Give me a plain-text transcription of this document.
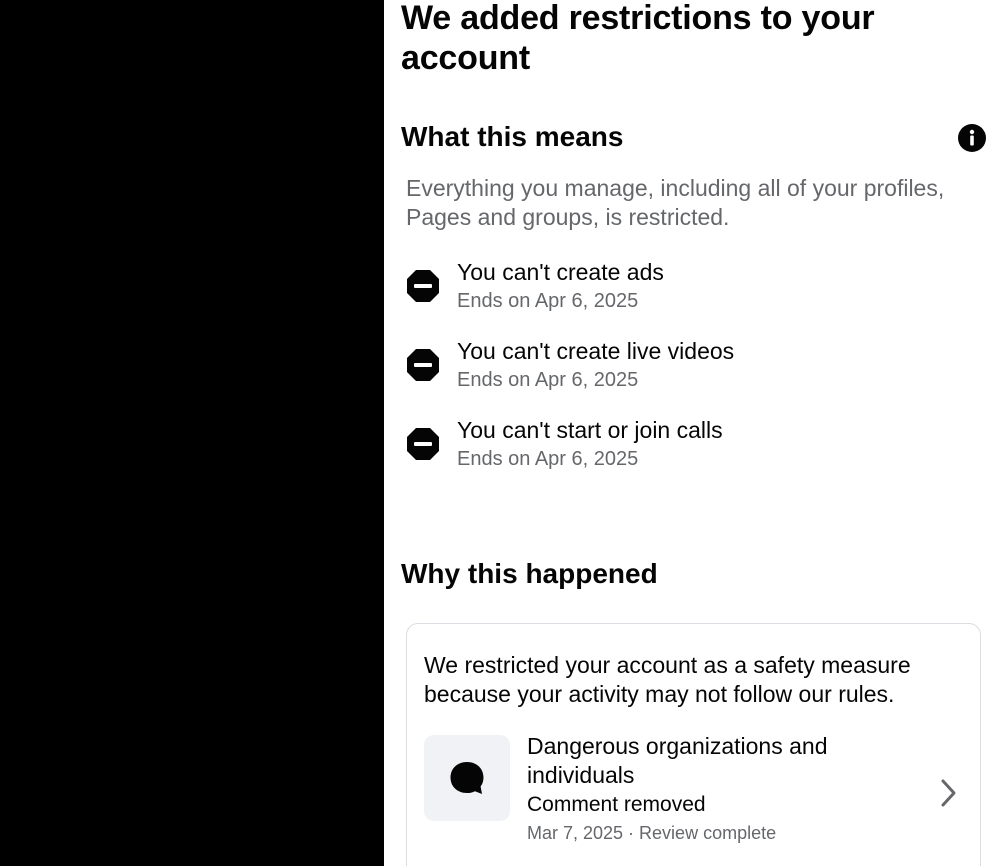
We added restrictions to your account
What this means

Everything you manage, including all of your profiles, Pages and groups, is restricted.

You can't create ads
Ends on Apr 6, 2025
You can't create live videos
Ends on Apr 6, 2025
You can't start or join calls
Ends on Apr 6, 2025
Why this happened

We restricted your account as a safety measure because your activity may not follow our rules.

Dangerous organizations and individuals
Comment removed
Mar 7, 2025 · Review complete
